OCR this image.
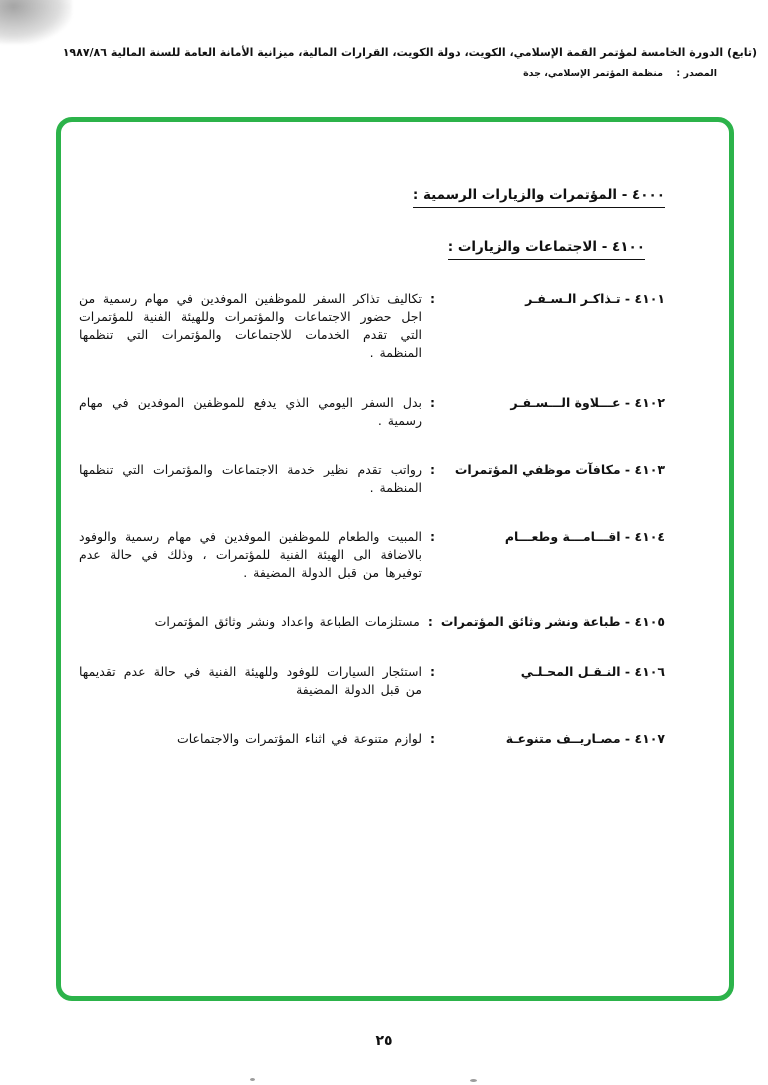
(تابع) الدورة الخامسة لمؤتمر القمة الإسلامي، الكويت، دولة الكويت، القرارات المالية، ميزانية الأمانة العامة للسنة المالية ١٩٨٧/٨٦
المصدر : منظمة المؤتمر الإسلامي، جدة
٤٠٠٠ - المؤتمرات والزيارات الرسمية :
٤١٠٠ - الاجتماعات والزيارات :
٤١٠١ - تـذاكـر الـسـفـر
:
تكاليف تذاكر السفر للموظفين الموفدين في مهام رسمية من اجل حضور الاجتماعات والمؤتمرات وللهيئة الفنية للمؤتمرات التي تقدم الخدمات للاجتماعات والمؤتمرات التي تنظمها المنظمة .
٤١٠٢ - عـــلاوة الـــسـفـر
:
بدل السفر اليومي الذي يدفع للموظفين الموفدين في مهام رسمية .
٤١٠٣ - مكافآت موظفي المؤتمرات
:
رواتب تقدم نظير خدمة الاجتماعات والمؤتمرات التي تنظمها المنظمة .
٤١٠٤ - اقـــامـــة وطعـــام
:
المبيت والطعام للموظفين الموفدين في مهام رسمية والوفود بالاضافة الى الهيئة الفنية للمؤتمرات ، وذلك في حالة عدم توفيرها من قبل الدولة المضيفة .
٤١٠٥ - طباعة ونشر وثائق المؤتمرات
:
مستلزمات الطباعة واعداد ونشر وثائق المؤتمرات
٤١٠٦ - النـقـل المحـلـي
:
استئجار السيارات للوفود وللهيئة الفنية في حالة عدم تقديمها من قبل الدولة المضيفة
٤١٠٧ - مصـاريــف متنوعـة
:
لوازم متنوعة في اثناء المؤتمرات والاجتماعات
٢٥
